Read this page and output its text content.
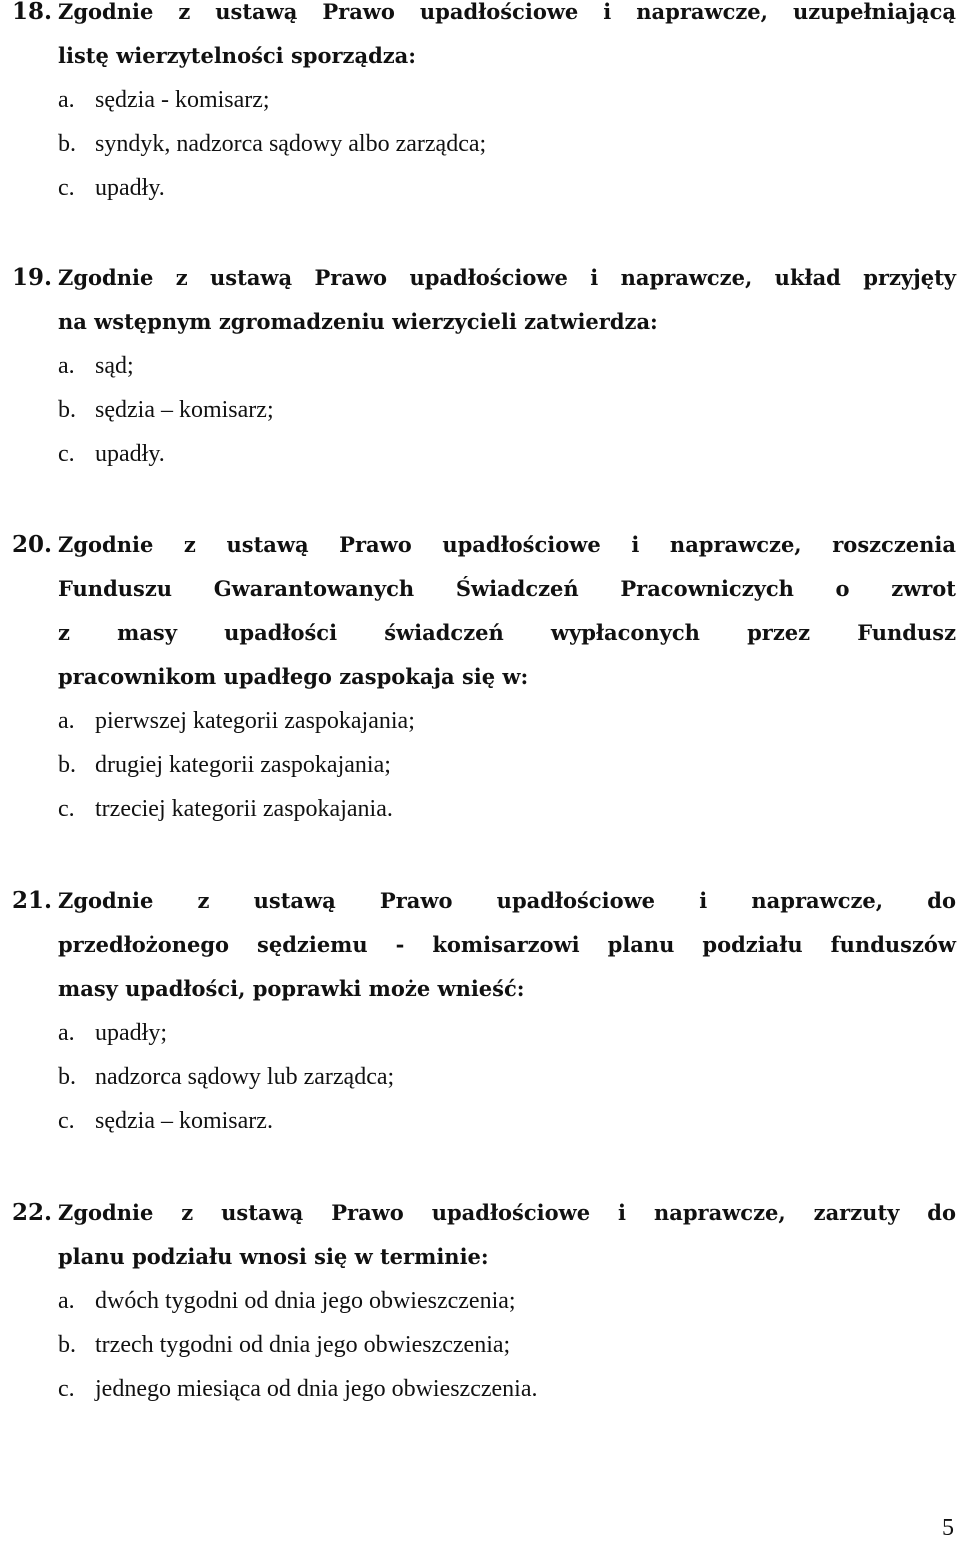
18. Zgodnie z ustawą Prawo upadłościowe i naprawcze, uzupełniającą
listę wierzytelności sporządza:
a. sędzia - komisarz;
b. syndyk, nadzorca sądowy albo zarządca;
c. upadły.
19. Zgodnie z ustawą Prawo upadłościowe i naprawcze, układ przyjęty
na wstępnym zgromadzeniu wierzycieli zatwierdza:
a. sąd;
b. sędzia – komisarz;
c. upadły.
20. Zgodnie z ustawą Prawo upadłościowe i naprawcze, roszczenia
Funduszu Gwarantowanych Świadczeń Pracowniczych o zwrot
z masy upadłości świadczeń wypłaconych przez Fundusz
pracownikom upadłego zaspokaja się w:
a. pierwszej kategorii zaspokajania;
b. drugiej kategorii zaspokajania;
c. trzeciej kategorii zaspokajania.
21. Zgodnie z ustawą Prawo upadłościowe i naprawcze, do
przedłożonego sędziemu - komisarzowi planu podziału funduszów
masy upadłości, poprawki może wnieść:
a. upadły;
b. nadzorca sądowy lub zarządca;
c. sędzia – komisarz.
22. Zgodnie z ustawą Prawo upadłościowe i naprawcze, zarzuty do
planu podziału wnosi się w terminie:
a. dwóch tygodni od dnia jego obwieszczenia;
b. trzech tygodni od dnia jego obwieszczenia;
c. jednego miesiąca od dnia jego obwieszczenia.
5
